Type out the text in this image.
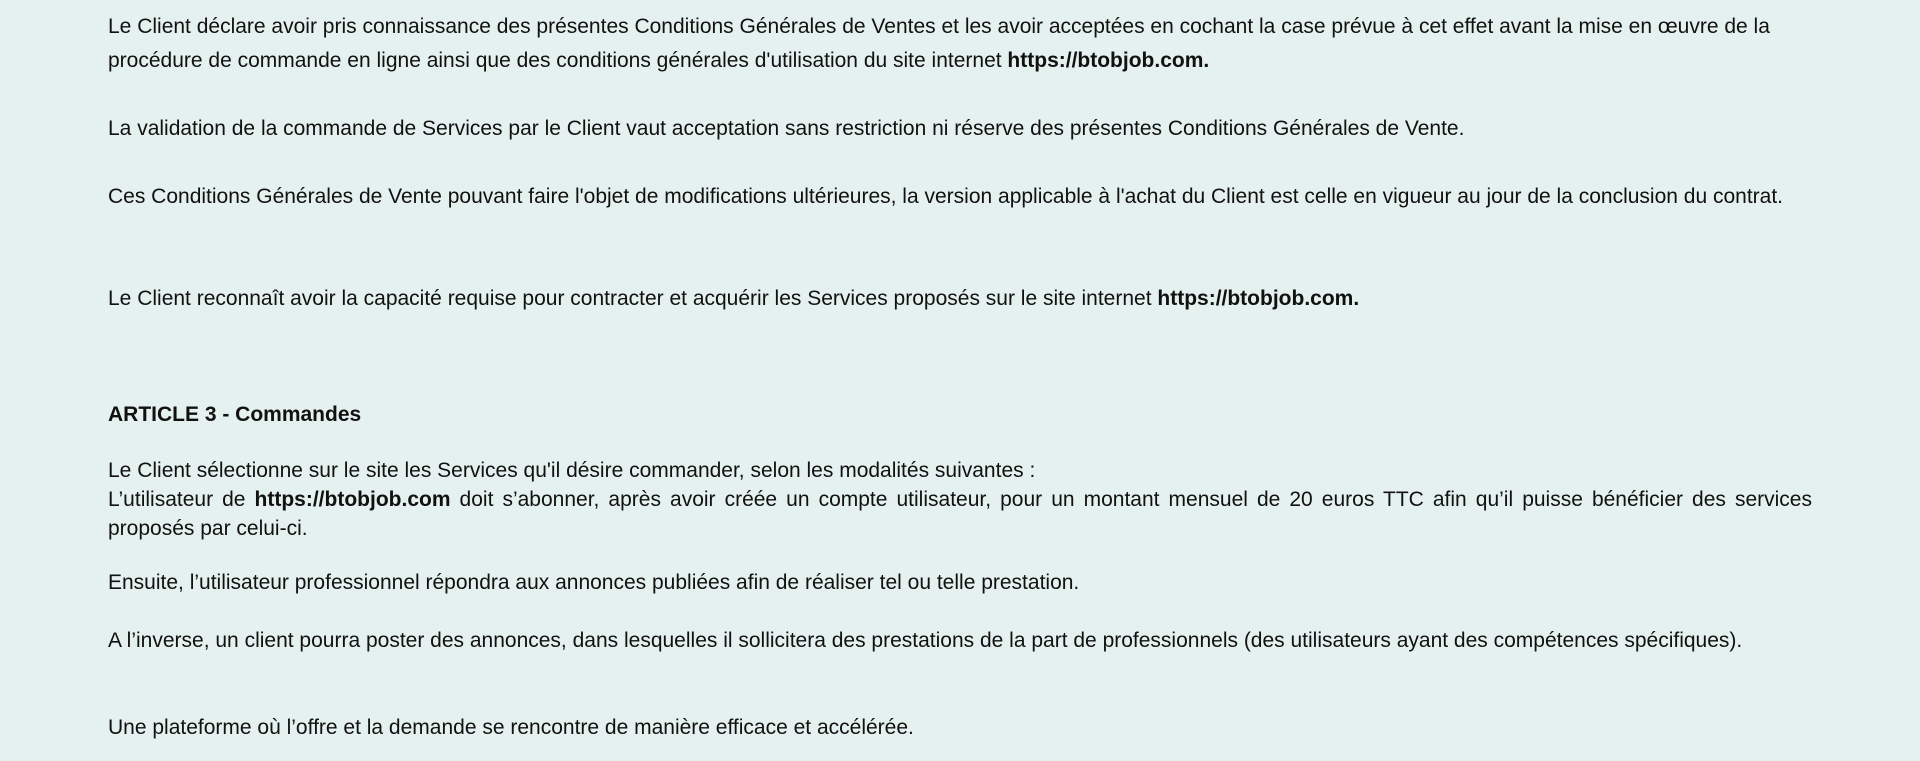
Le Client déclare avoir pris connaissance des présentes Conditions Générales de Ventes et les avoir acceptées en cochant la case prévue à cet effet avant la mise en œuvre de la procédure de commande en ligne ainsi que des conditions générales d'utilisation du site internet https://btobjob.com.

La validation de la commande de Services par le Client vaut acceptation sans restriction ni réserve des présentes Conditions Générales de Vente.

Ces Conditions Générales de Vente pouvant faire l'objet de modifications ultérieures, la version applicable à l'achat du Client est celle en vigueur au jour de la conclusion du contrat.

Le Client reconnaît avoir la capacité requise pour contracter et acquérir les Services proposés sur le site internet https://btobjob.com.

ARTICLE 3 - Commandes

Le Client sélectionne sur le site les Services qu'il désire commander, selon les modalités suivantes :

L’utilisateur de https://btobjob.com doit s’abonner, après avoir créée un compte utilisateur, pour un montant mensuel de 20 euros TTC afin qu’il puisse bénéficier des services proposés par celui-ci.

Ensuite, l’utilisateur professionnel répondra aux annonces publiées afin de réaliser tel ou telle prestation.

A l’inverse, un client pourra poster des annonces, dans lesquelles il sollicitera des prestations de la part de professionnels (des utilisateurs ayant des compétences spécifiques).

Une plateforme où l’offre et la demande se rencontre de manière efficace et accélérée.
